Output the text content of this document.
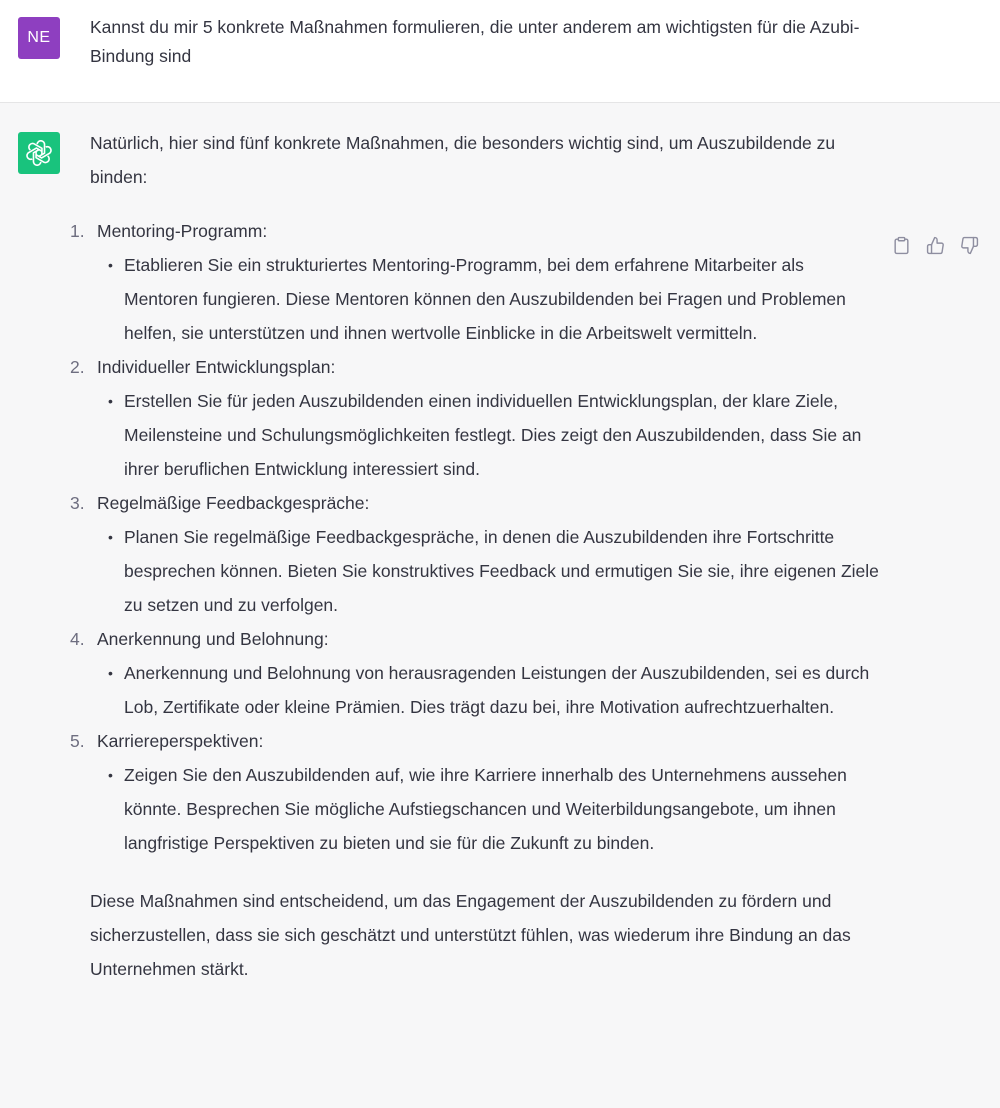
NE
Kannst du mir 5 konkrete Maßnahmen formulieren, die unter anderem am wichtigsten für die Azubi-Bindung sind

Natürlich, hier sind fünf konkrete Maßnahmen, die besonders wichtig sind, um Auszubildende zu binden:

1. Mentoring-Programm:
• Etablieren Sie ein strukturiertes Mentoring-Programm, bei dem erfahrene Mitarbeiter als Mentoren fungieren. Diese Mentoren können den Auszubildenden bei Fragen und Problemen helfen, sie unterstützen und ihnen wertvolle Einblicke in die Arbeitswelt vermitteln.
2. Individueller Entwicklungsplan:
• Erstellen Sie für jeden Auszubildenden einen individuellen Entwicklungsplan, der klare Ziele, Meilensteine und Schulungsmöglichkeiten festlegt. Dies zeigt den Auszubildenden, dass Sie an ihrer beruflichen Entwicklung interessiert sind.
3. Regelmäßige Feedbackgespräche:
• Planen Sie regelmäßige Feedbackgespräche, in denen die Auszubildenden ihre Fortschritte besprechen können. Bieten Sie konstruktives Feedback und ermutigen Sie sie, ihre eigenen Ziele zu setzen und zu verfolgen.
4. Anerkennung und Belohnung:
• Anerkennung und Belohnung von herausragenden Leistungen der Auszubildenden, sei es durch Lob, Zertifikate oder kleine Prämien. Dies trägt dazu bei, ihre Motivation aufrechtzuerhalten.
5. Karriereperspektiven:
• Zeigen Sie den Auszubildenden auf, wie ihre Karriere innerhalb des Unternehmens aussehen könnte. Besprechen Sie mögliche Aufstiegschancen und Weiterbildungsangebote, um ihnen langfristige Perspektiven zu bieten und sie für die Zukunft zu binden.

Diese Maßnahmen sind entscheidend, um das Engagement der Auszubildenden zu fördern und sicherzustellen, dass sie sich geschätzt und unterstützt fühlen, was wiederum ihre Bindung an das Unternehmen stärkt.
